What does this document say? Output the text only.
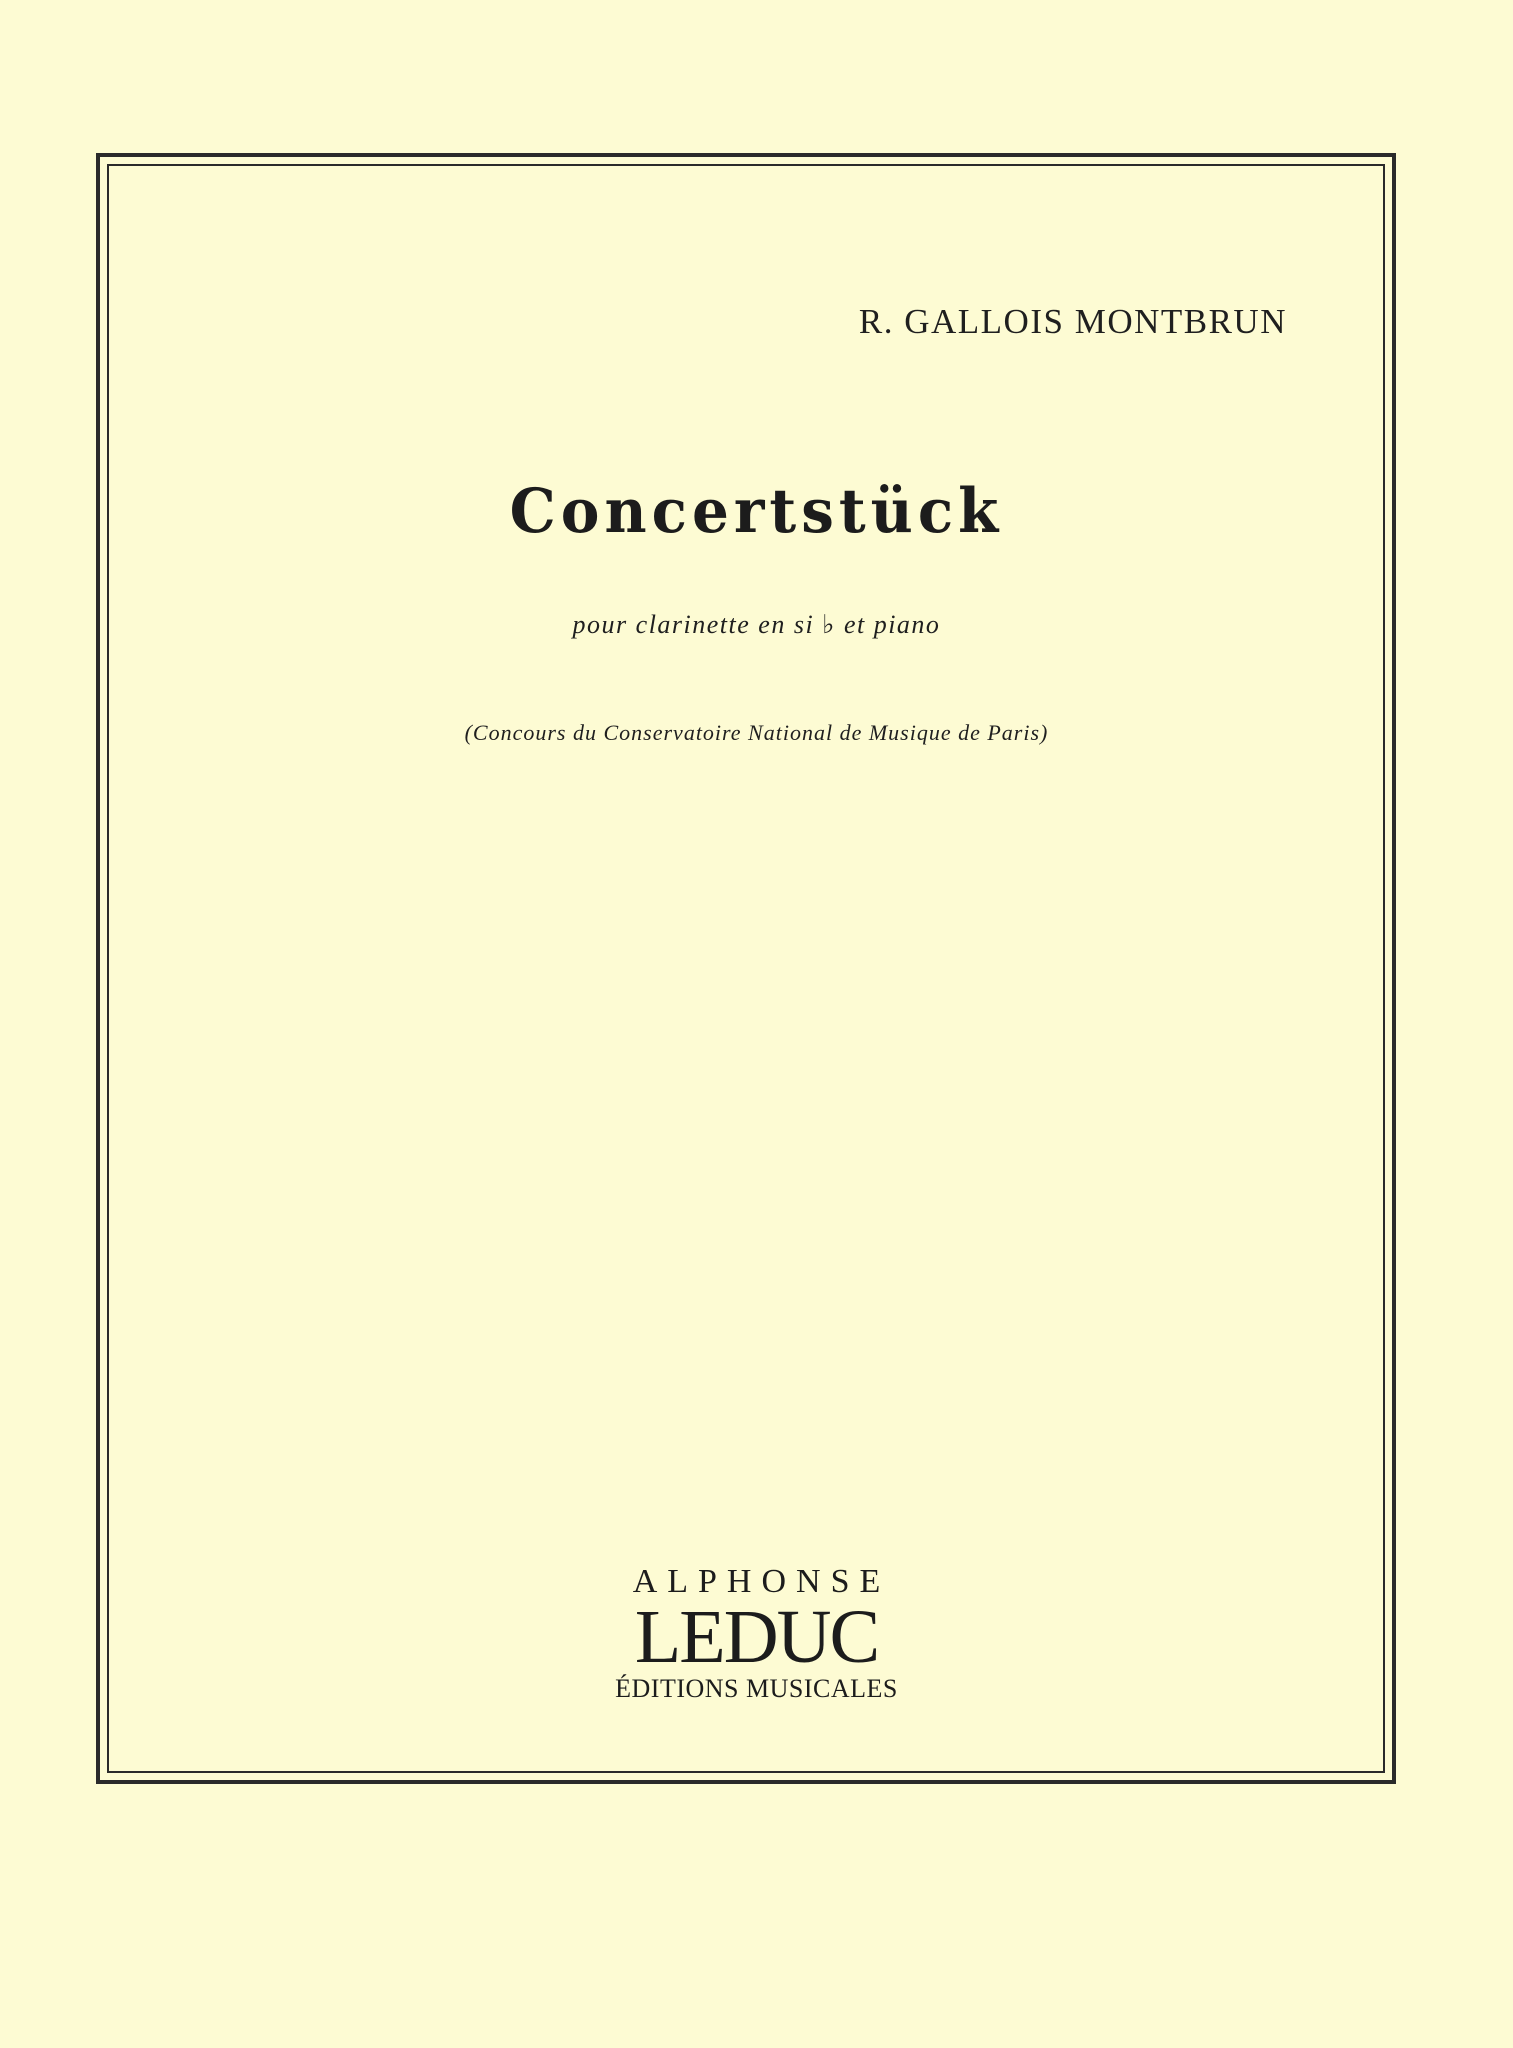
R. GALLOIS MONTBRUN
Concertstück
pour clarinette en si ♭ et piano
(Concours du Conservatoire National de Musique de Paris)
ALPHONSE
LEDUC
ÉDITIONS MUSICALES
